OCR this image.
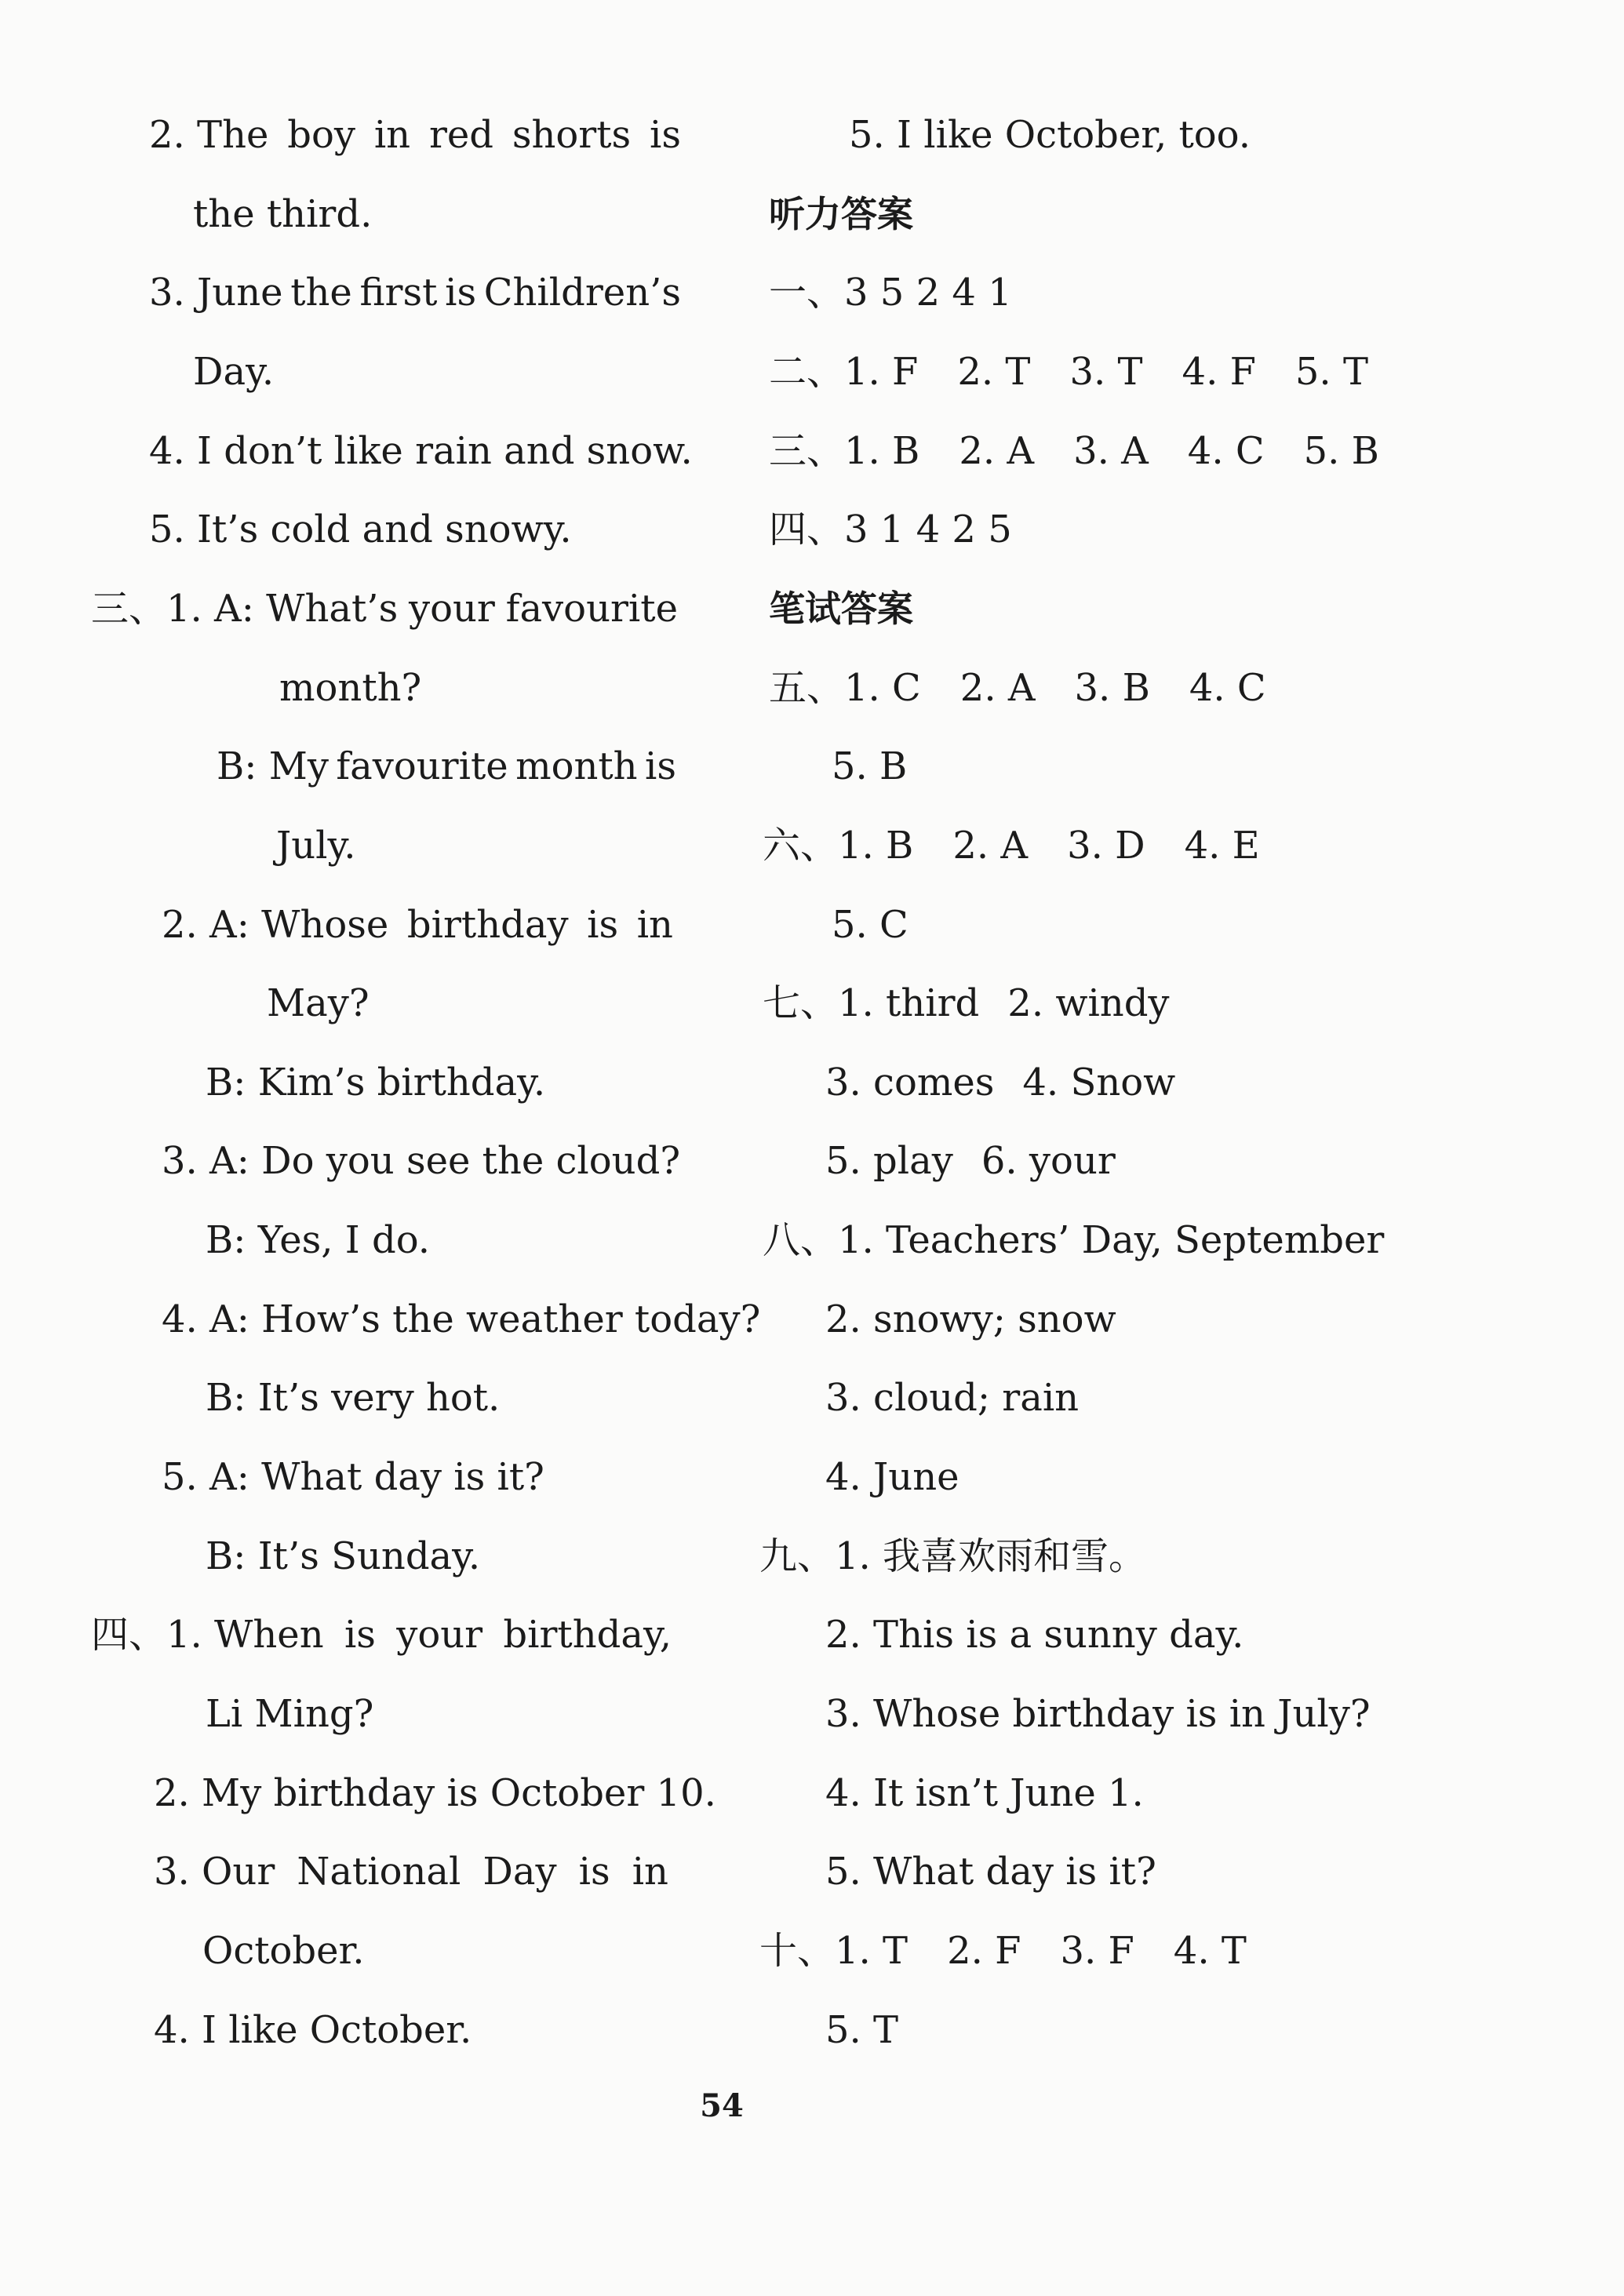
2. The boy in red shorts is
the third.
3. June the first is Children’s
Day.
4. I don’t like rain and snow.
5. It’s cold and snowy.
三、1. A: What’s your favourite
month?
B: My favourite month is
July.
2. A: Whose birthday is in
May?
B: Kim’s birthday.
3. A: Do you see the cloud?
B: Yes, I do.
4. A: How’s the weather today?
B: It’s very hot.
5. A: What day is it?
B: It’s Sunday.
四、1. When is your birthday,
Li Ming?
2. My birthday is October 10.
3. Our National Day is in
October.
4. I like October.
5. I like October, too.
听力答案
一、3 5 2 4 1
二、1. F 2. T 3. T 4. F 5. T
三、1. B 2. A 3. A 4. C 5. B
四、3 1 4 2 5
笔试答案
五、1. C 2. A 3. B 4. C
5. B
六、1. B 2. A 3. D 4. E
5. C
七、1. third 2. windy
3. comes 4. Snow
5. play 6. your
八、1. Teachers’ Day, September
2. snowy; snow
3. cloud; rain
4. June
九、1. 我喜欢雨和雪。
2. This is a sunny day.
3. Whose birthday is in July?
4. It isn’t June 1.
5. What day is it?
十、1. T 2. F 3. F 4. T
5. T
54
